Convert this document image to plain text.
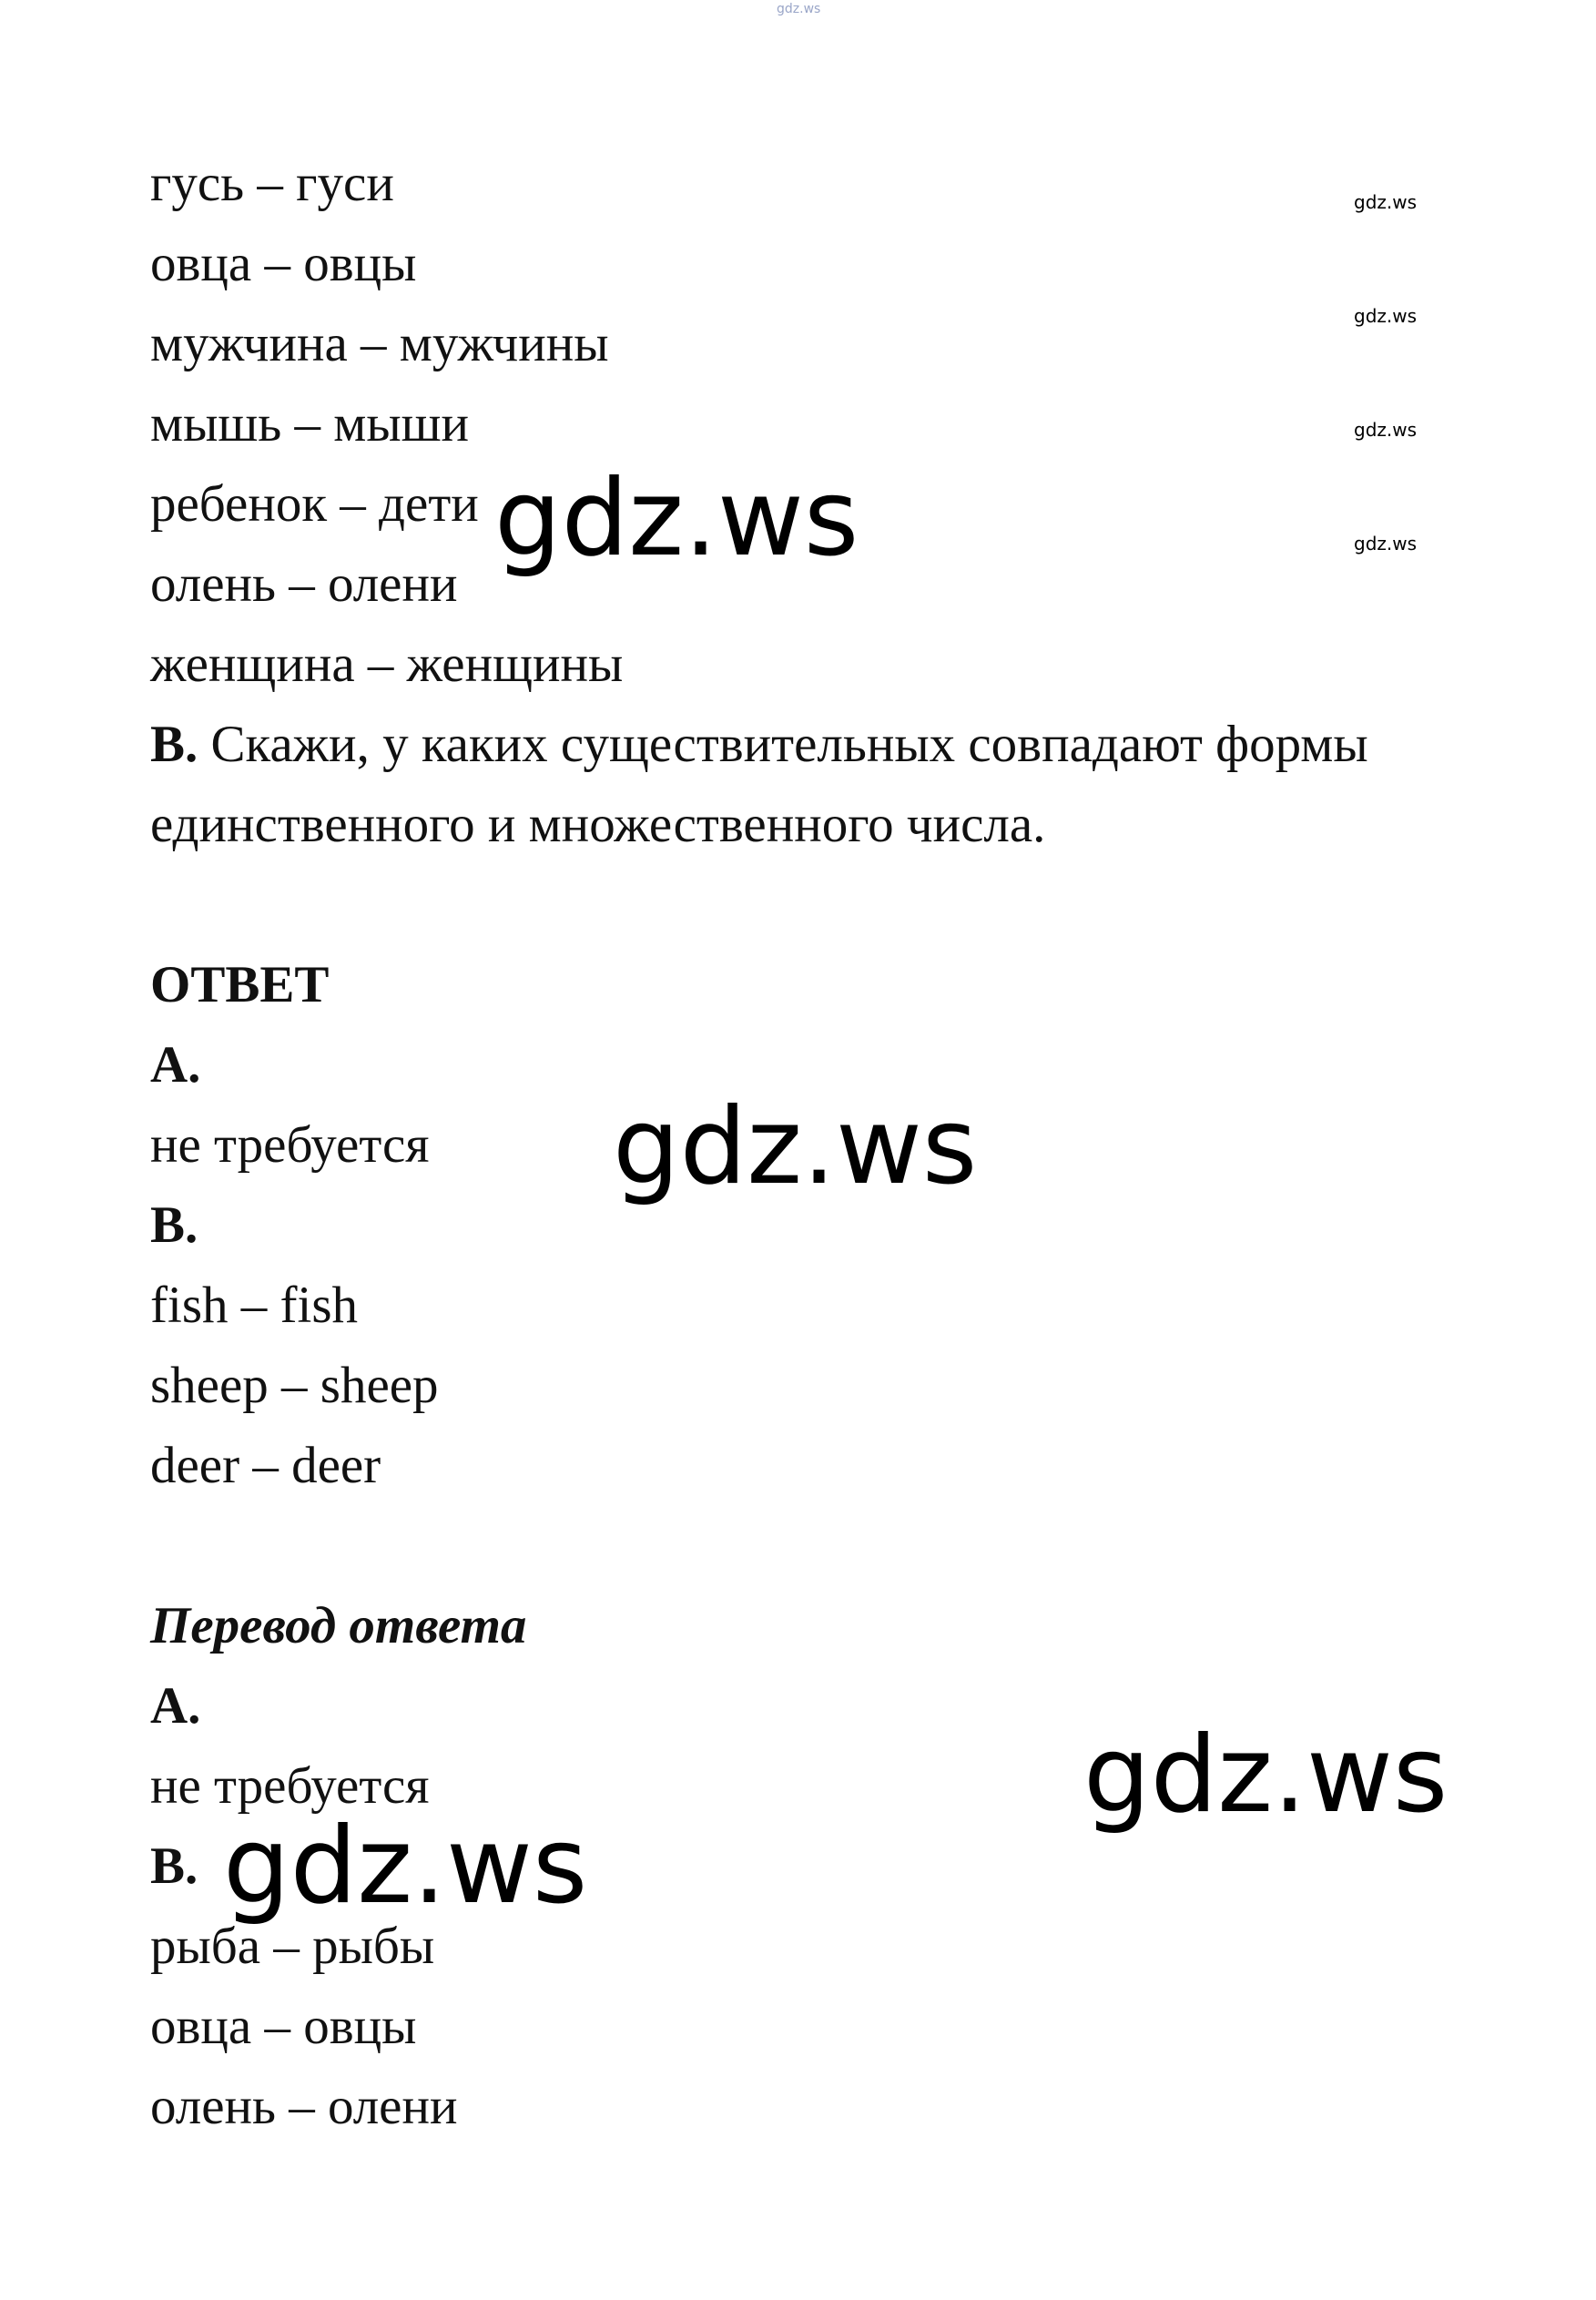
gdz.ws
gdz.ws
gdz.ws
gdz.ws
gdz.ws
гусь – гуси
овца – овцы
мужчина – мужчины
мышь – мыши
ребенок – дети
олень – олени
женщина – женщины
B. Скажи, у каких существительных совпадают формы
единственного и множественного числа.
ОТВЕТ
A.
не требуется
B.
fish – fish
sheep – sheep
deer – deer
Перевод ответа
A.
не требуется
B.
рыба – рыбы
овца – овцы
олень – олени
gdz.ws
gdz.ws
gdz.ws
gdz.ws
